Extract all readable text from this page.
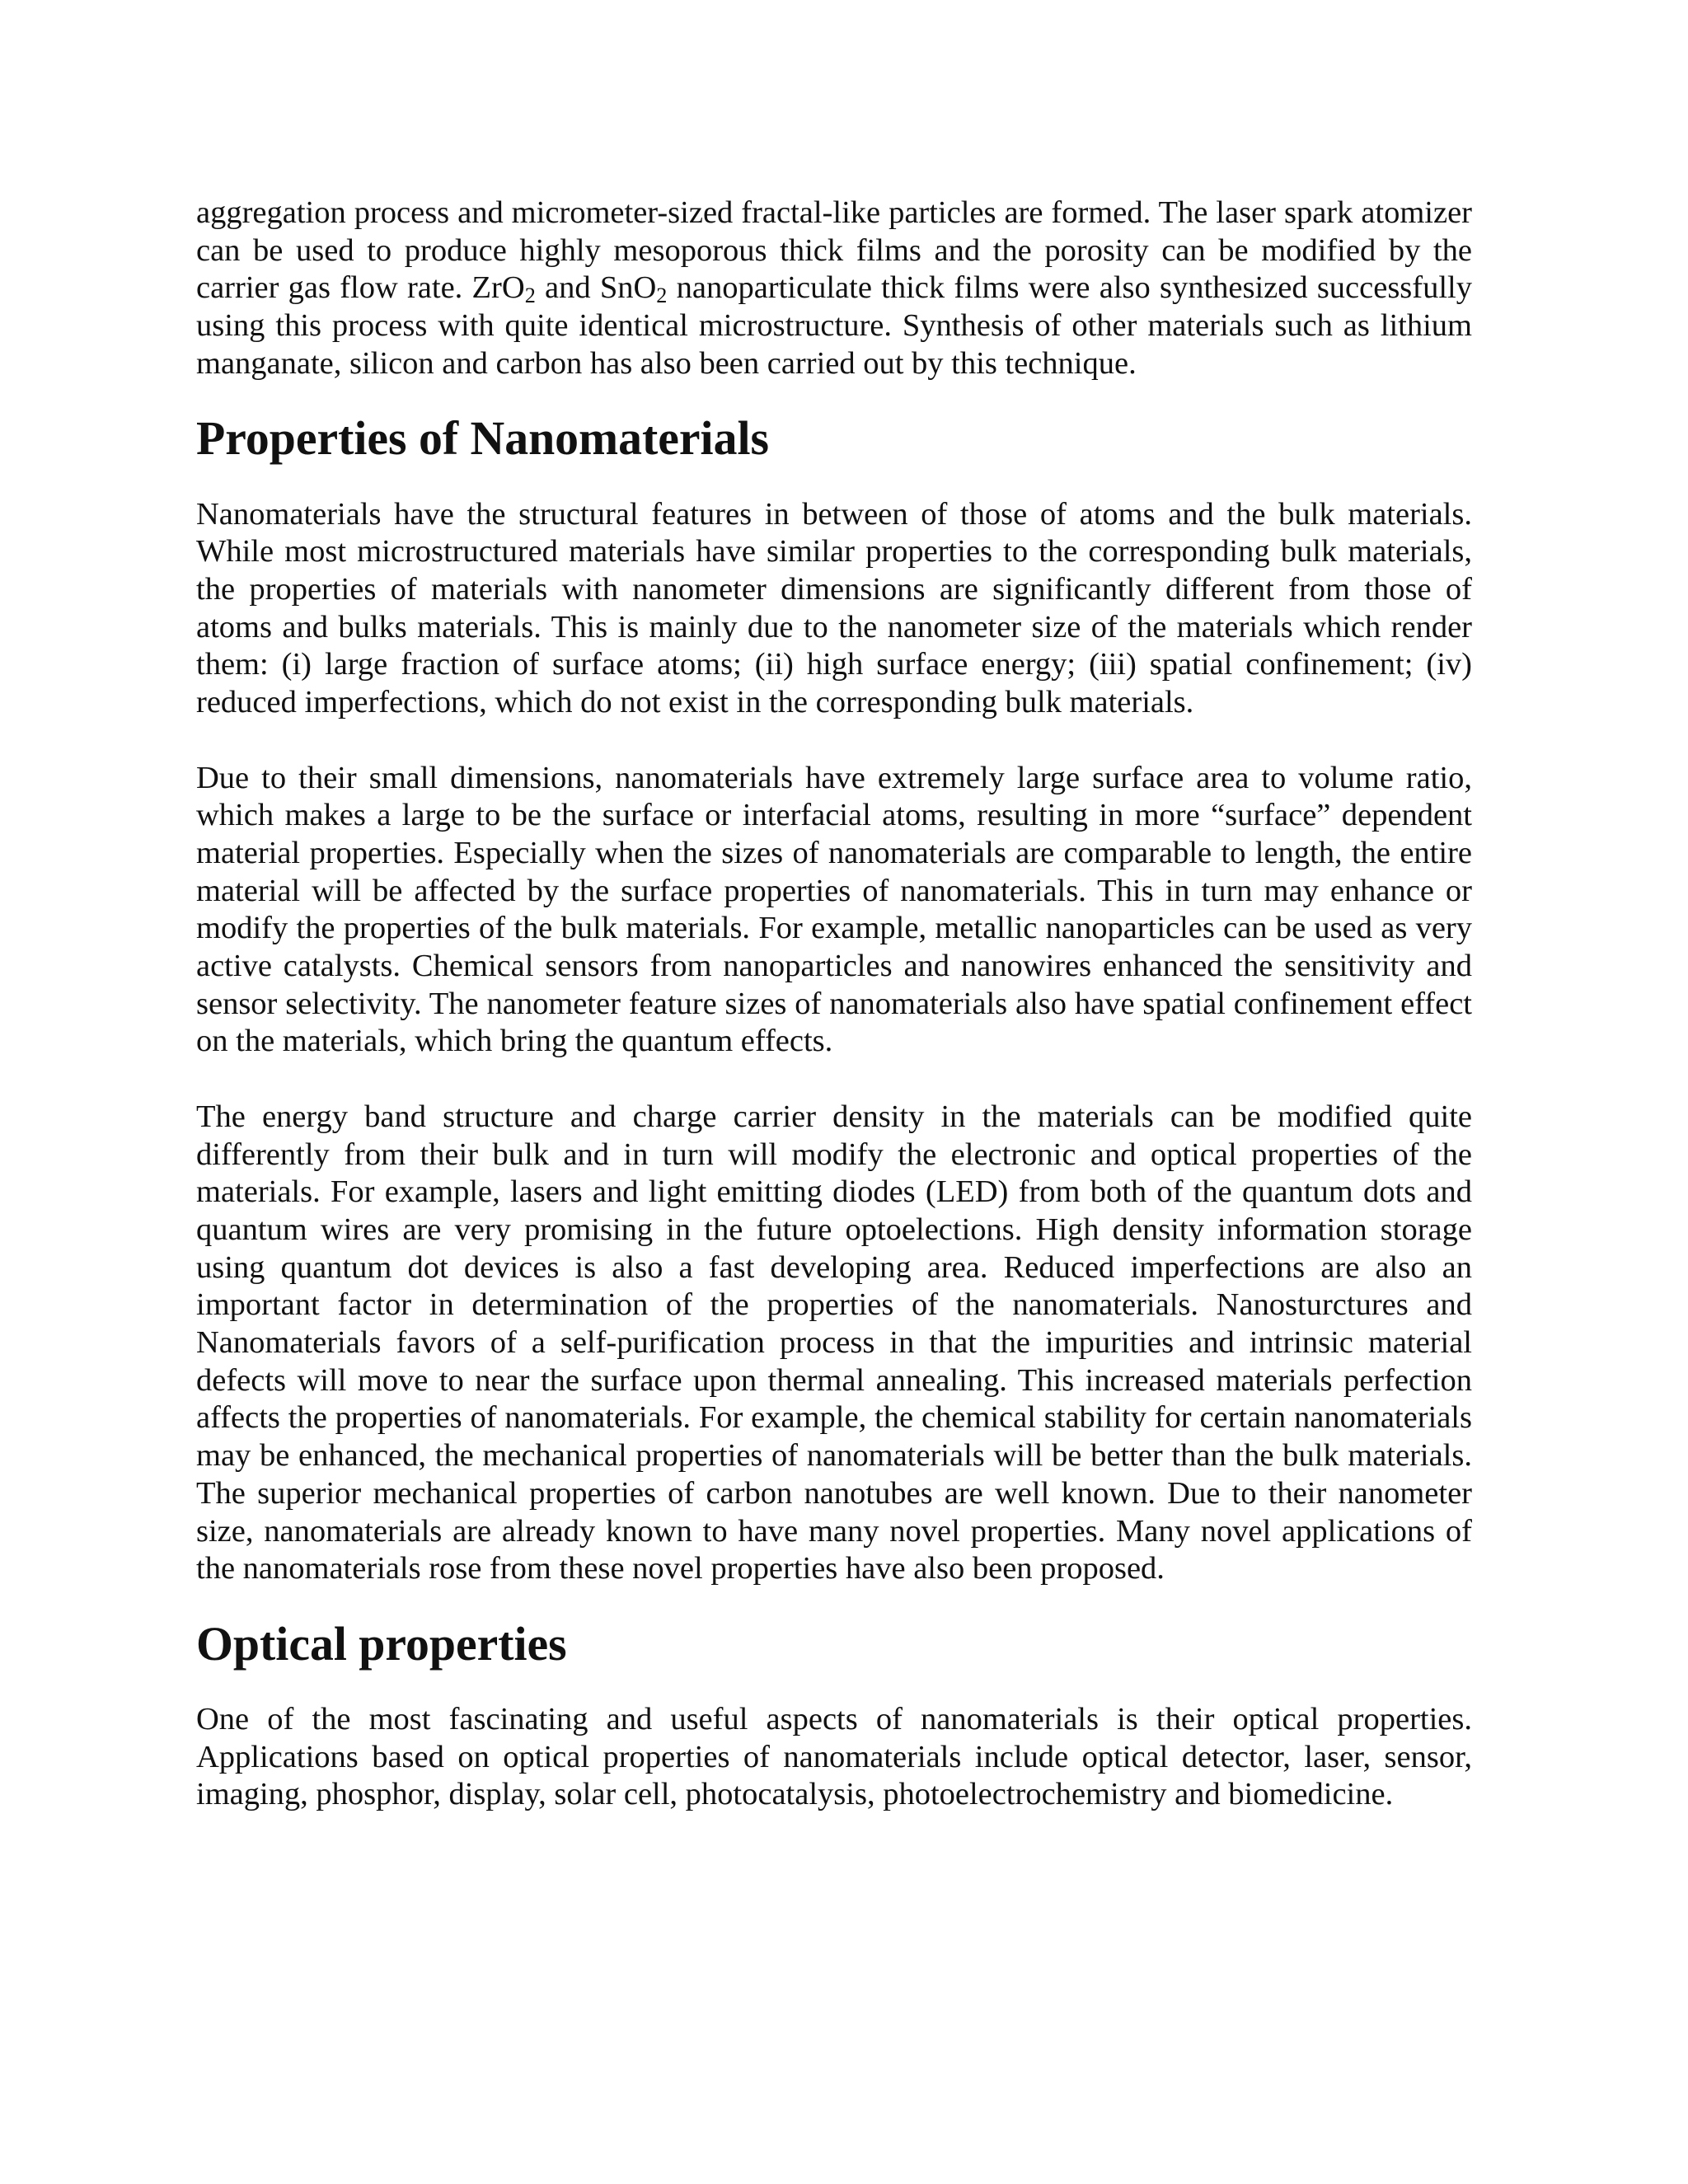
aggregation process and micrometer-sized fractal-like particles are formed. The laser spark atomizer can be used to produce highly mesoporous thick films and the porosity can be modified by the carrier gas flow rate. ZrO$_2$ and SnO$_2$ nanoparticulate thick films were also synthesized successfully using this process with quite identical microstructure. Synthesis of other materials such as lithium manganate, silicon and carbon has also been carried out by this technique.

Properties of Nanomaterials

Nanomaterials have the structural features in between of those of atoms and the bulk materials. While most microstructured materials have similar properties to the corresponding bulk materials, the properties of materials with nanometer dimensions are significantly different from those of atoms and bulks materials. This is mainly due to the nanometer size of the materials which render them: (i) large fraction of surface atoms; (ii) high surface energy; (iii) spatial confinement; (iv) reduced imperfections, which do not exist in the corresponding bulk materials.

Due to their small dimensions, nanomaterials have extremely large surface area to volume ratio, which makes a large to be the surface or interfacial atoms, resulting in more “surface” dependent material properties. Especially when the sizes of nanomaterials are comparable to length, the entire material will be affected by the surface properties of nanomaterials. This in turn may enhance or modify the properties of the bulk materials. For example, metallic nanoparticles can be used as very active catalysts. Chemical sensors from nanoparticles and nanowires enhanced the sensitivity and sensor selectivity. The nanometer feature sizes of nanomaterials also have spatial confinement effect on the materials, which bring the quantum effects.

The energy band structure and charge carrier density in the materials can be modified quite differently from their bulk and in turn will modify the electronic and optical properties of the materials. For example, lasers and light emitting diodes (LED) from both of the quantum dots and quantum wires are very promising in the future optoelections. High density information storage using quantum dot devices is also a fast developing area. Reduced imperfections are also an important factor in determination of the properties of the nanomaterials. Nanosturctures and Nanomaterials favors of a self-purification process in that the impurities and intrinsic material defects will move to near the surface upon thermal annealing. This increased materials perfection affects the properties of nanomaterials. For example, the chemical stability for certain nanomaterials may be enhanced, the mechanical properties of nanomaterials will be better than the bulk materials. The superior mechanical properties of carbon nanotubes are well known. Due to their nanometer size, nanomaterials are already known to have many novel properties. Many novel applications of the nanomaterials rose from these novel properties have also been proposed.

Optical properties

One of the most fascinating and useful aspects of nanomaterials is their optical properties. Applications based on optical properties of nanomaterials include optical detector, laser, sensor, imaging, phosphor, display, solar cell, photocatalysis, photoelectrochemistry and biomedicine.
